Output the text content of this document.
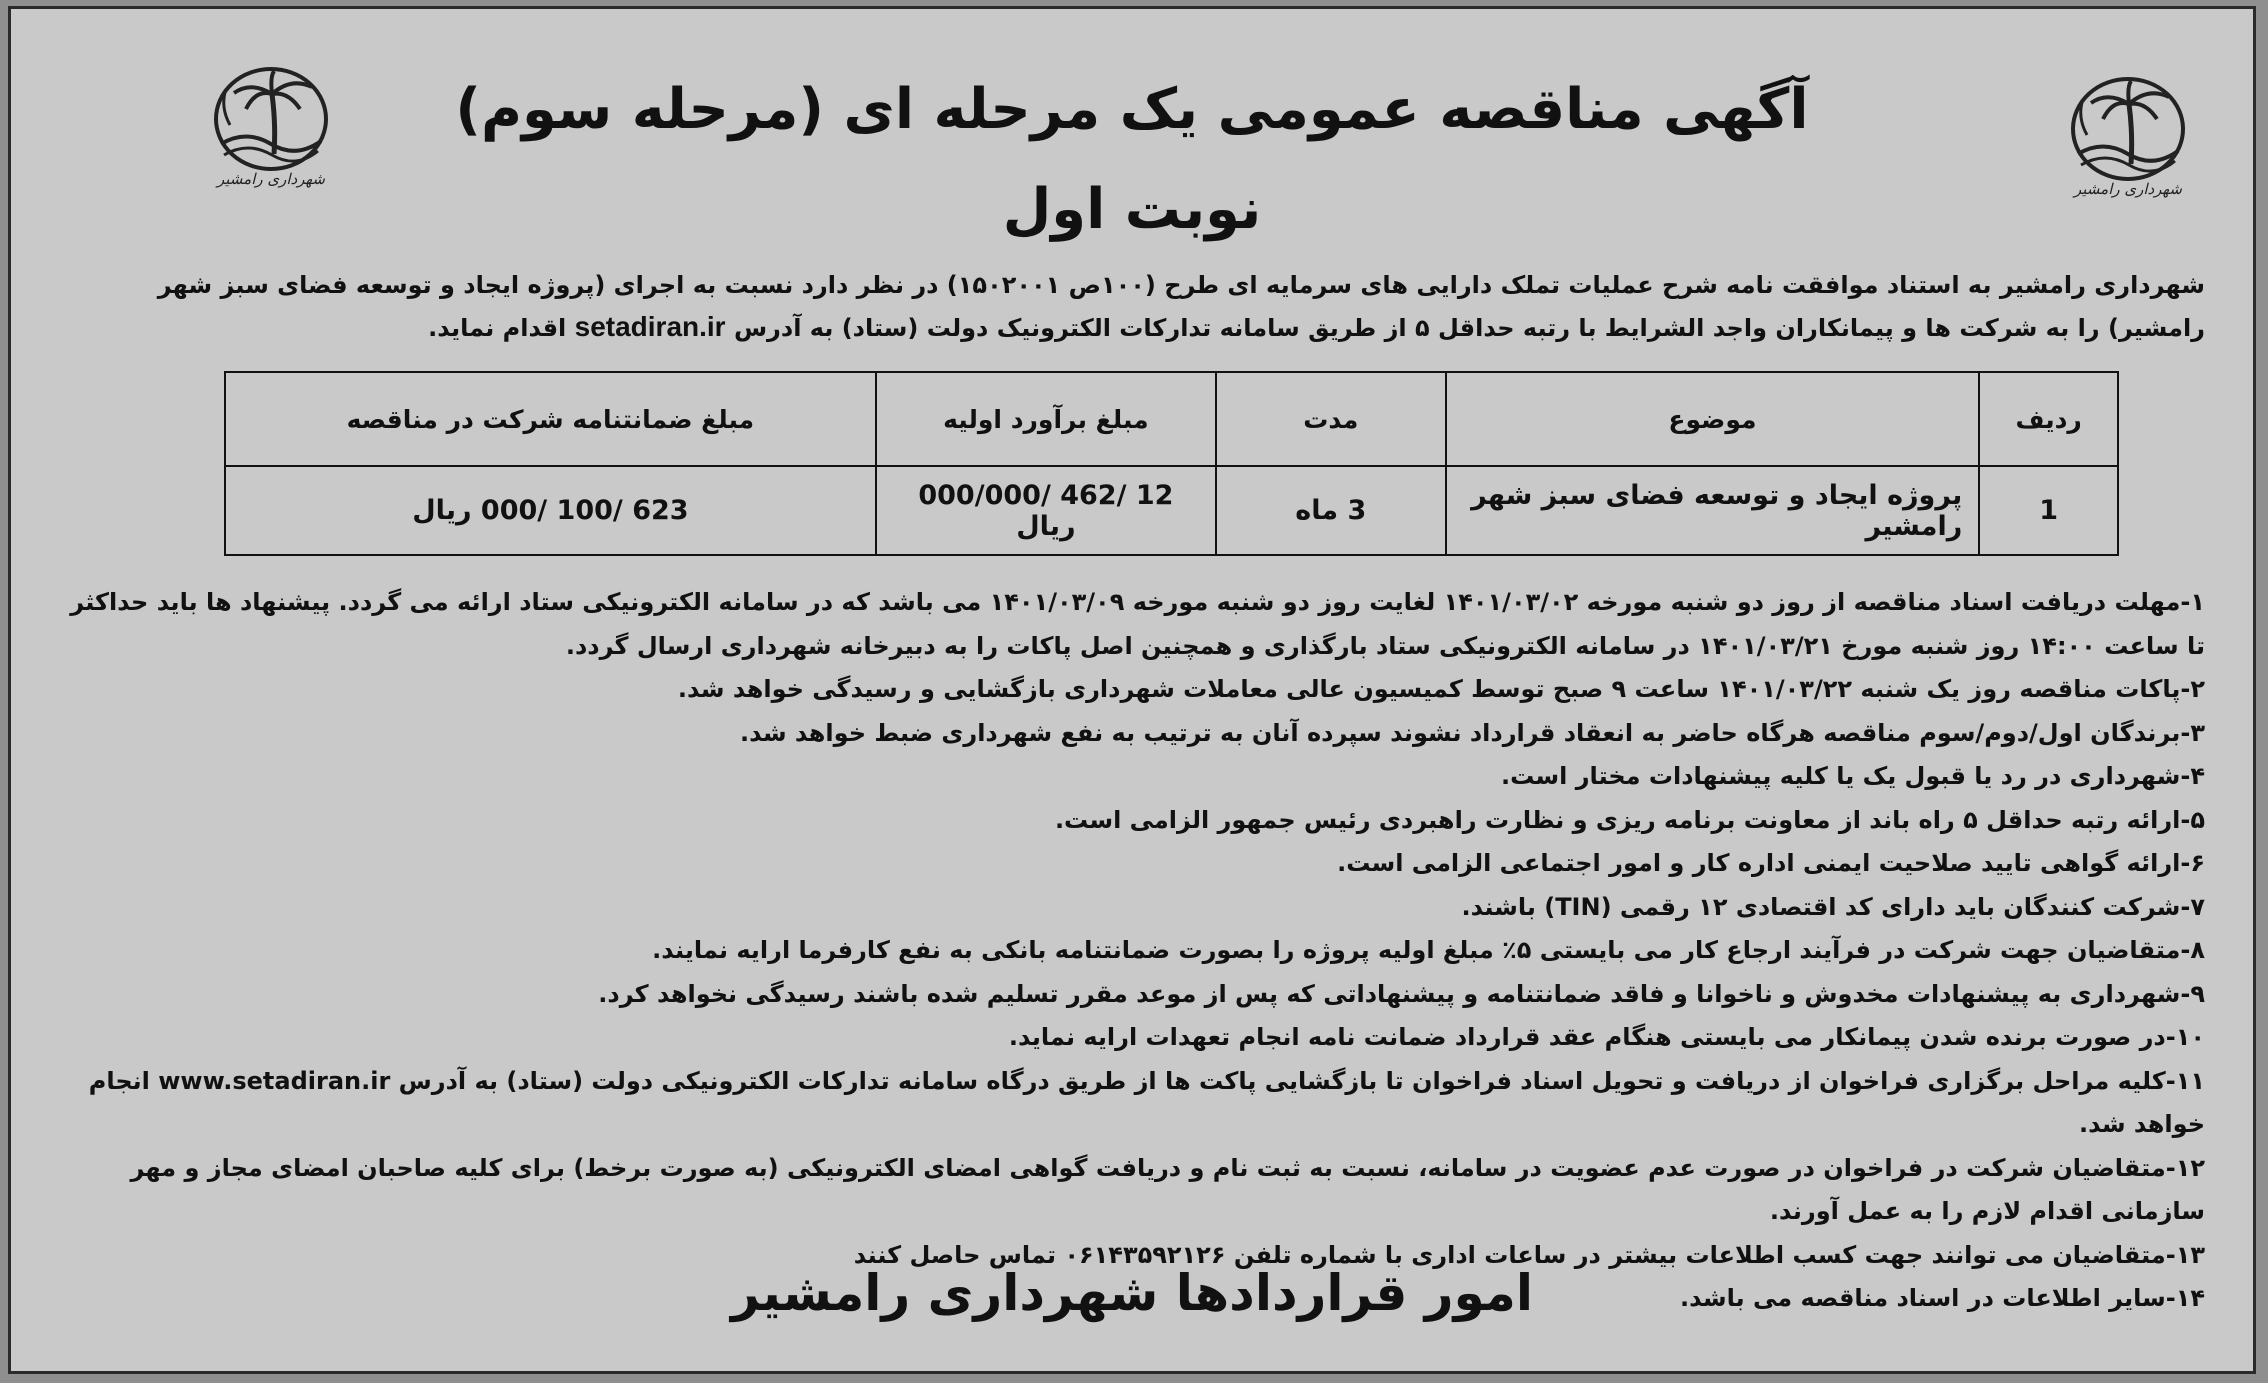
شهرداری رامشیر
شهرداری رامشیر
آگهی مناقصه عمومی یک مرحله ای (مرحله سوم)
نوبت اول
شهرداری رامشیر به استناد موافقت نامه شرح عملیات تملک دارایی های سرمایه ای طرح (۱۰۰ص ۱۵۰۲۰۰۱) در نظر دارد نسبت به اجرای (پروژه ایجاد و توسعه فضای سبز شهر رامشیر) را به شرکت ها و پیمانکاران واجد الشرایط با رتبه حداقل ۵ از طریق سامانه تدارکات الکترونیک دولت (ستاد) به آدرس setadiran.ir اقدام نماید.
ردیف	موضوع	مدت	مبلغ برآورد اولیه	مبلغ ضمانتنامه شرکت در مناقصه
1	پروژه ایجاد و توسعه فضای سبز شهر رامشیر	3 ماه	12 /462 /000/000 ریال	623 /100 /000 ریال

۱-مهلت دریافت اسناد مناقصه از روز دو شنبه مورخه ۱۴۰۱/۰۳/۰۲ لغایت روز دو شنبه مورخه ۱۴۰۱/۰۳/۰۹ می باشد که در سامانه الکترونیکی ستاد ارائه می گردد. پیشنهاد ها باید حداکثر تا ساعت ۱۴:۰۰ روز شنبه مورخ ۱۴۰۱/۰۳/۲۱ در سامانه الکترونیکی ستاد بارگذاری و همچنین اصل پاکات را به دبیرخانه شهرداری ارسال گردد.

۲-پاکات مناقصه روز یک شنبه ۱۴۰۱/۰۳/۲۲ ساعت ۹ صبح توسط کمیسیون عالی معاملات شهرداری بازگشایی و رسیدگی خواهد شد.

۳-برندگان اول/دوم/سوم مناقصه هرگاه حاضر به انعقاد قرارداد نشوند سپرده آنان به ترتیب به نفع شهرداری ضبط خواهد شد.

۴-شهرداری در رد یا قبول یک یا کلیه پیشنهادات مختار است.

۵-ارائه رتبه حداقل ۵ راه باند از معاونت برنامه ریزی و نظارت راهبردی رئیس جمهور الزامی است.

۶-ارائه گواهی تایید صلاحیت ایمنی اداره کار و امور اجتماعی الزامی است.

۷-شرکت کنندگان باید دارای کد اقتصادی ۱۲ رقمی (TIN) باشند.

۸-متقاضیان جهت شرکت در فرآیند ارجاع کار می بایستی ۵٪ مبلغ اولیه پروژه را بصورت ضمانتنامه بانکی به نفع کارفرما ارایه نمایند.

۹-شهرداری به پیشنهادات مخدوش و ناخوانا و فاقد ضمانتنامه و پیشنهاداتی که پس از موعد مقرر تسلیم شده باشند رسیدگی نخواهد کرد.

۱۰-در صورت برنده شدن پیمانکار می بایستی هنگام عقد قرارداد ضمانت نامه انجام تعهدات ارایه نماید.

۱۱-کلیه مراحل برگزاری فراخوان از دریافت و تحویل اسناد فراخوان تا بازگشایی پاکت ها از طریق درگاه سامانه تدارکات الکترونیکی دولت (ستاد) به آدرس www.setadiran.ir انجام خواهد شد.

۱۲-متقاضیان شرکت در فراخوان در صورت عدم عضویت در سامانه، نسبت به ثبت نام و دریافت گواهی امضای الکترونیکی (به صورت برخط) برای کلیه صاحبان امضای مجاز و مهر سازمانی اقدام لازم را به عمل آورند.

۱۳-متقاضیان می توانند جهت کسب اطلاعات بیشتر در ساعات اداری با شماره تلفن ۰۶۱۴۳۵۹۲۱۲۶ تماس حاصل کنند

۱۴-سایر اطلاعات در اسناد مناقصه می باشد.

امور قراردادها شهرداری رامشیر
